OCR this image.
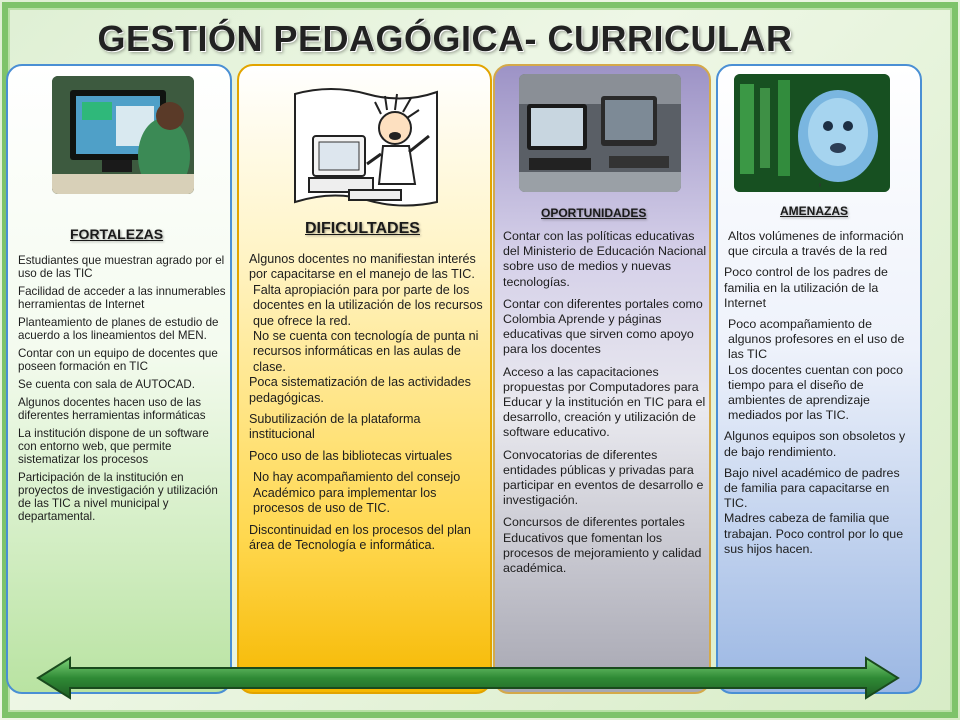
GESTIÓN PEDAGÓGICA- CURRICULAR
FORTALEZAS

Estudiantes que muestran agrado por el uso de las TIC

Facilidad de acceder a las innumerables herramientas de Internet

Planteamiento de planes de estudio de acuerdo a los lineamientos del MEN.

Contar con un equipo de docentes que poseen formación en TIC

Se cuenta con sala de AUTOCAD.

Algunos docentes hacen uso de las diferentes herramientas informáticas

La institución dispone de un software con entorno web, que permite sistematizar los procesos

Participación de la institución en proyectos de investigación y utilización de las TIC a nivel municipal y departamental.

DIFICULTADES

Algunos docentes no manifiestan interés por capacitarse en el manejo de las TIC.

Falta apropiación para por parte de los docentes en la utilización de los recursos que ofrece la red.

No se cuenta con tecnología de punta ni recursos informáticas en las aulas de clase.

Poca sistematización de las actividades pedagógicas.

Subutilización de la plataforma institucional

Poco uso de las bibliotecas virtuales

No hay acompañamiento del consejo Académico para implementar los procesos de uso de TIC.

Discontinuidad en los procesos del plan área de Tecnología e informática.

OPORTUNIDADES

Contar con las políticas educativas del Ministerio de Educación Nacional sobre uso de medios y nuevas tecnologías.

Contar con diferentes portales como Colombia Aprende y páginas educativas que sirven como apoyo para los docentes

Acceso a las capacitaciones propuestas por Computadores para Educar y la institución en TIC para el desarrollo, creación y utilización de software educativo.

Convocatorias de diferentes entidades públicas y privadas para participar en eventos de desarrollo e investigación.

Concursos de diferentes portales Educativos que fomentan los procesos de mejoramiento y calidad académica.

AMENAZAS

Altos volúmenes de información que circula a través de la red

Poco control de los padres de familia en la utilización de la Internet

Poco acompañamiento de algunos profesores en el uso de las TIC

Los docentes cuentan con poco tiempo para el diseño de ambientes de aprendizaje mediados por las TIC.

Algunos equipos son obsoletos y de bajo rendimiento.

Bajo nivel académico de padres de familia para capacitarse en TIC.

Madres cabeza de familia que trabajan. Poco control por lo que sus hijos hacen.

,
